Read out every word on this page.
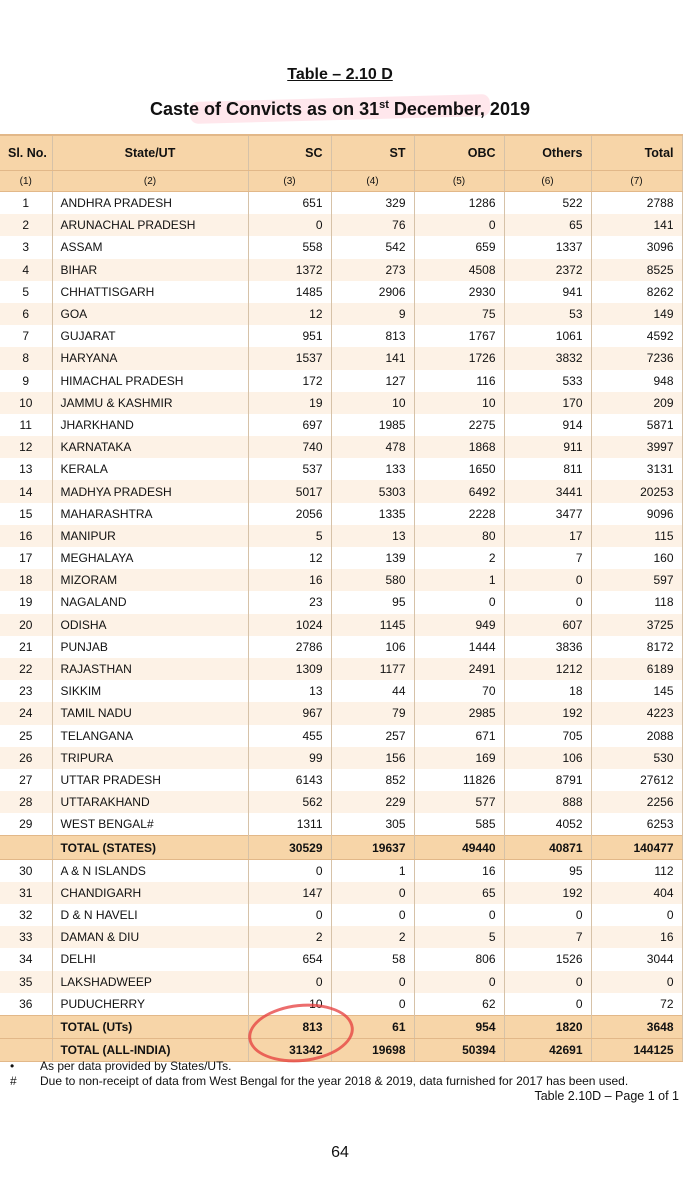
Table – 2.10 D
Caste of Convicts as on 31st December, 2019
Sl. No.	State/UT	SC	ST	OBC	Others	Total
(1)	(2)	(3)	(4)	(5)	(6)	(7)
1	ANDHRA PRADESH	651	329	1286	522	2788
2	ARUNACHAL PRADESH	0	76	0	65	141
3	ASSAM	558	542	659	1337	3096
4	BIHAR	1372	273	4508	2372	8525
5	CHHATTISGARH	1485	2906	2930	941	8262
6	GOA	12	9	75	53	149
7	GUJARAT	951	813	1767	1061	4592
8	HARYANA	1537	141	1726	3832	7236
9	HIMACHAL PRADESH	172	127	116	533	948
10	JAMMU & KASHMIR	19	10	10	170	209
11	JHARKHAND	697	1985	2275	914	5871
12	KARNATAKA	740	478	1868	911	3997
13	KERALA	537	133	1650	811	3131
14	MADHYA PRADESH	5017	5303	6492	3441	20253
15	MAHARASHTRA	2056	1335	2228	3477	9096
16	MANIPUR	5	13	80	17	115
17	MEGHALAYA	12	139	2	7	160
18	MIZORAM	16	580	1	0	597
19	NAGALAND	23	95	0	0	118
20	ODISHA	1024	1145	949	607	3725
21	PUNJAB	2786	106	1444	3836	8172
22	RAJASTHAN	1309	1177	2491	1212	6189
23	SIKKIM	13	44	70	18	145
24	TAMIL NADU	967	79	2985	192	4223
25	TELANGANA	455	257	671	705	2088
26	TRIPURA	99	156	169	106	530
27	UTTAR PRADESH	6143	852	11826	8791	27612
28	UTTARAKHAND	562	229	577	888	2256
29	WEST BENGAL#	1311	305	585	4052	6253
	TOTAL (STATES)	30529	19637	49440	40871	140477
30	A & N ISLANDS	0	1	16	95	112
31	CHANDIGARH	147	0	65	192	404
32	D & N HAVELI	0	0	0	0	0
33	DAMAN & DIU	2	2	5	7	16
34	DELHI	654	58	806	1526	3044
35	LAKSHADWEEP	0	0	0	0	0
36	PUDUCHERRY	10	0	62	0	72
	TOTAL (UTs)	813	61	954	1820	3648
	TOTAL (ALL-INDIA)	31342	19698	50394	42691	144125
•	As per data provided by States/UTs.
#	Due to non-receipt of data from West Bengal for the year 2018 & 2019, data furnished for 2017 has been used.
Table 2.10D – Page 1 of 1
64
